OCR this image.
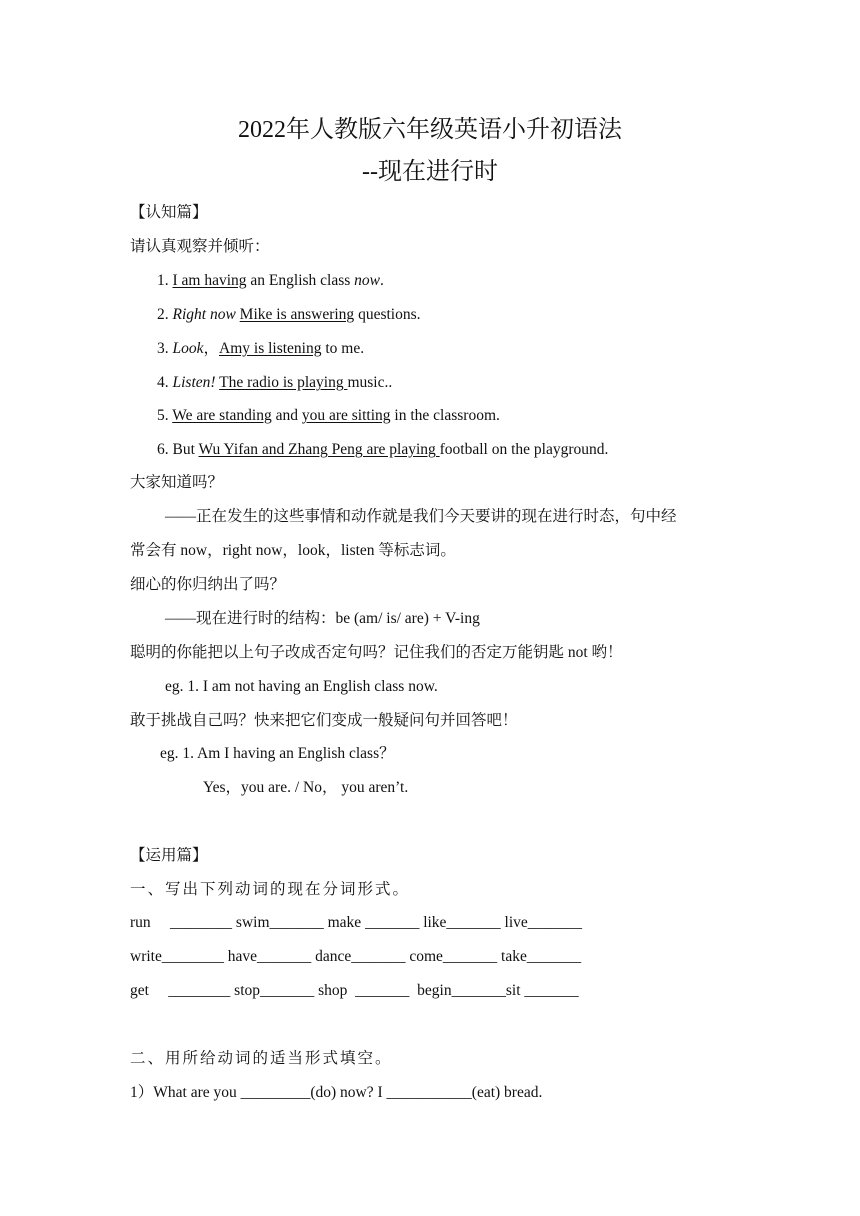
2022年人教版六年级英语小升初语法
--现在进行时
【认知篇】
请认真观察并倾听：
1. I am having an English class now.
2. Right now Mike is answering questions.
3. Look，Amy is listening to me.
4. Listen! The radio is playing music..
5. We are standing and you are sitting in the classroom.
6. But Wu Yifan and Zhang Peng are playing football on the playground.
大家知道吗？
——正在发生的这些事情和动作就是我们今天要讲的现在进行时态，句中经
常会有 now，right now，look，listen 等标志词。
细心的你归纳出了吗？
——现在进行时的结构：be (am/ is/ are) + V-ing
聪明的你能把以上句子改成否定句吗？记住我们的否定万能钥匙 not 哟！
eg. 1. I am not having an English class now.
敢于挑战自己吗？快来把它们变成一般疑问句并回答吧！
eg. 1. Am I having an English class？
Yes，you are. / No， you aren’t.
【运用篇】
一、写出下列动词的现在分词形式。
run     ________ swim_______ make _______ like_______ live_______
write________ have_______ dance_______ come_______ take_______
get     ________ stop_______ shop  _______  begin_______sit _______
二、用所给动词的适当形式填空。
1）What are you _________(do) now? I ___________(eat) bread.
